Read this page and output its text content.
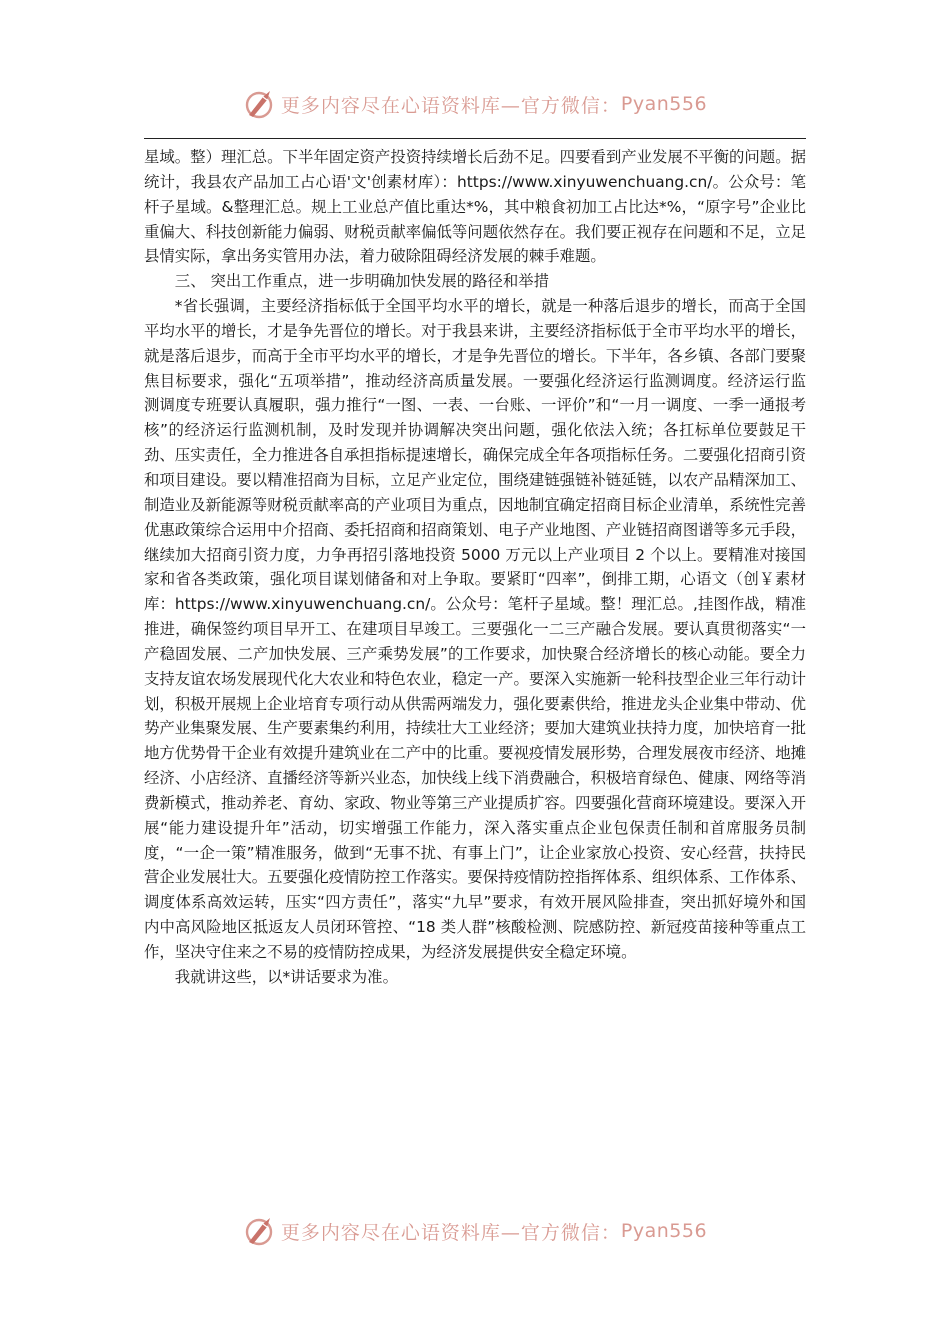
更多内容尽在心语资料库—官方微信： Pyan556

星域。整）理汇总。下半年固定资产投资持续增长后劲不足。四要看到产业发展不平衡的问题。据统计，我县农产品加工占心语'文'创素材库）：https://www.xinyuwenchuang.cn/。公众号：笔杆子星域。&整理汇总。规上工业总产值比重达*%，其中粮食初加工占比达*%，“原字号”企业比重偏大、科技创新能力偏弱、财税贡献率偏低等问题依然存在。我们要正视存在问题和不足，立足县情实际，拿出务实管用办法，着力破除阻碍经济发展的棘手难题。

三、 突出工作重点，进一步明确加快发展的路径和举措

*省长强调，主要经济指标低于全国平均水平的增长，就是一种落后退步的增长，而高于全国平均水平的增长，才是争先晋位的增长。对于我县来讲，主要经济指标低于全市平均水平的增长，就是落后退步，而高于全市平均水平的增长，才是争先晋位的增长。下半年，各乡镇、各部门要聚焦目标要求，强化“五项举措”，推动经济高质量发展。一要强化经济运行监测调度。经济运行监测调度专班要认真履职，强力推行“一图、一表、一台账、一评价”和“一月一调度、一季一通报考核”的经济运行监测机制，及时发现并协调解决突出问题，强化依法入统；各扛标单位要鼓足干劲、压实责任，全力推进各自承担指标提速增长，确保完成全年各项指标任务。二要强化招商引资和项目建设。要以精准招商为目标，立足产业定位，围绕建链强链补链延链，以农产品精深加工、制造业及新能源等财税贡献率高的产业项目为重点，因地制宜确定招商目标企业清单，系统性完善优惠政策综合运用中介招商、委托招商和招商策划、电子产业地图、产业链招商图谱等多元手段，继续加大招商引资力度，力争再招引落地投资 5000 万元以上产业项目 2 个以上。要精准对接国家和省各类政策，强化项目谋划储备和对上争取。要紧盯“四率”，倒排工期，心语文（创￥素材库：https://www.xinyuwenchuang.cn/。公众号：笔杆子星域。整！理汇总。,挂图作战，精准推进，确保签约项目早开工、在建项目早竣工。三要强化一二三产融合发展。要认真贯彻落实“一产稳固发展、二产加快发展、三产乘势发展”的工作要求，加快聚合经济增长的核心动能。要全力支持友谊农场发展现代化大农业和特色农业，稳定一产。要深入实施新一轮科技型企业三年行动计划，积极开展规上企业培育专项行动从供需两端发力，强化要素供给，推进龙头企业集中带动、优势产业集聚发展、生产要素集约利用，持续壮大工业经济；要加大建筑业扶持力度，加快培育一批地方优势骨干企业有效提升建筑业在二产中的比重。要视疫情发展形势，合理发展夜市经济、地摊经济、小店经济、直播经济等新兴业态，加快线上线下消费融合，积极培育绿色、健康、网络等消费新模式，推动养老、育幼、家政、物业等第三产业提质扩容。四要强化营商环境建设。要深入开展“能力建设提升年”活动，切实增强工作能力，深入落实重点企业包保责任制和首席服务员制度，“一企一策”精准服务，做到“无事不扰、有事上门”，让企业家放心投资、安心经营，扶持民营企业发展壮大。五要强化疫情防控工作落实。要保持疫情防控指挥体系、组织体系、工作体系、调度体系高效运转，压实“四方责任”，落实“九早”要求，有效开展风险排查，突出抓好境外和国内中高风险地区抵返友人员闭环管控、“18 类人群”核酸检测、院感防控、新冠疫苗接种等重点工作，坚决守住来之不易的疫情防控成果，为经济发展提供安全稳定环境。

我就讲这些，以*讲话要求为准。

更多内容尽在心语资料库—官方微信： Pyan556
